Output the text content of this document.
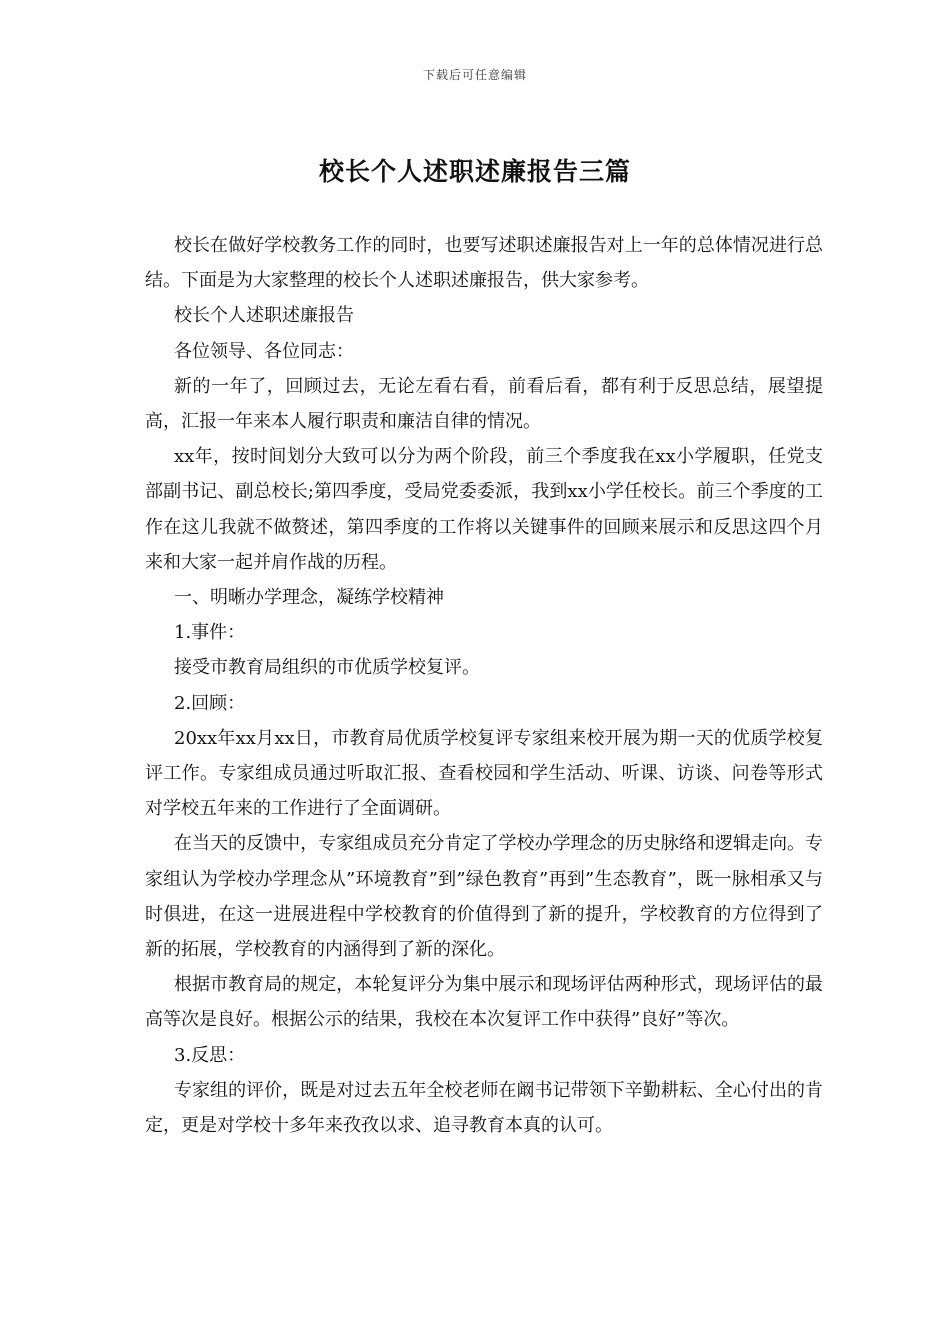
下载后可任意编辑
校长个人述职述廉报告三篇

校长在做好学校教务工作的同时，也要写述职述廉报告对上一年的总体情况进行总结。下面是为大家整理的校长个人述职述廉报告，供大家参考。

校长个人述职述廉报告

各位领导、各位同志：

新的一年了，回顾过去，无论左看右看，前看后看，都有利于反思总结，展望提高，汇报一年来本人履行职责和廉洁自律的情况。

xx年，按时间划分大致可以分为两个阶段，前三个季度我在xx小学履职，任党支部副书记、副总校长;第四季度，受局党委委派，我到xx小学任校长。前三个季度的工作在这儿我就不做赘述，第四季度的工作将以关键事件的回顾来展示和反思这四个月来和大家一起并肩作战的历程。

一、明晰办学理念，凝练学校精神

1.事件：

接受市教育局组织的市优质学校复评。

2.回顾：

20xx年xx月xx日，市教育局优质学校复评专家组来校开展为期一天的优质学校复评工作。专家组成员通过听取汇报、查看校园和学生活动、听课、访谈、问卷等形式对学校五年来的工作进行了全面调研。

在当天的反馈中，专家组成员充分肯定了学校办学理念的历史脉络和逻辑走向。专家组认为学校办学理念从”环境教育”到”绿色教育”再到”生态教育”，既一脉相承又与时俱进，在这一进展进程中学校教育的价值得到了新的提升，学校教育的方位得到了新的拓展，学校教育的内涵得到了新的深化。

根据市教育局的规定，本轮复评分为集中展示和现场评估两种形式，现场评估的最高等次是良好。根据公示的结果，我校在本次复评工作中获得”良好”等次。

3.反思：

专家组的评价，既是对过去五年全校老师在阚书记带领下辛勤耕耘、全心付出的肯定，更是对学校十多年来孜孜以求、追寻教育本真的认可。
